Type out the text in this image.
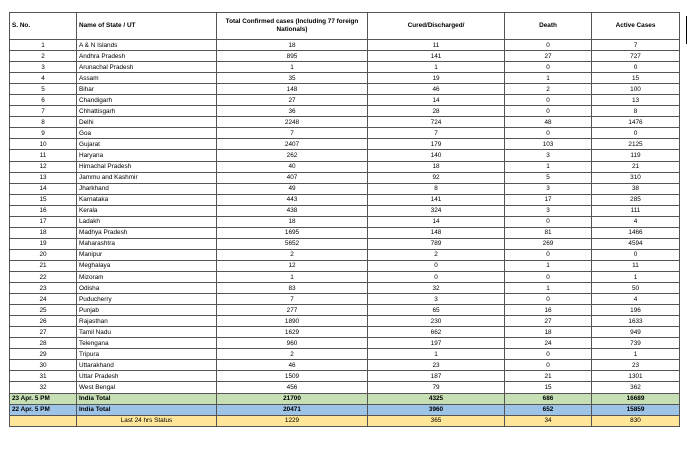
S. No.	Name of State / UT	Total Confirmed cases (Including 77 foreign Nationals)	Cured/Discharged/	Death	Active Cases
1	A & N Islands	18	11	0	7
2	Andhra Pradesh	895	141	27	727
3	Arunachal Pradesh	1	1	0	0
4	Assam	35	19	1	15
5	Bihar	148	46	2	100
6	Chandigarh	27	14	0	13
7	Chhattisgarh	36	28	0	8
8	Delhi	2248	724	48	1476
9	Goa	7	7	0	0
10	Gujarat	2407	179	103	2125
11	Haryana	262	140	3	119
12	Himachal Pradesh	40	18	1	21
13	Jammu and Kashmir	407	92	5	310
14	Jharkhand	49	8	3	38
15	Karnataka	443	141	17	285
16	Kerala	438	324	3	111
17	Ladakh	18	14	0	4
18	Madhya Pradesh	1695	148	81	1466
19	Maharashtra	5652	789	269	4594
20	Manipur	2	2	0	0
21	Meghalaya	12	0	1	11
22	Mizoram	1	0	0	1
23	Odisha	83	32	1	50
24	Puducherry	7	3	0	4
25	Punjab	277	65	16	196
26	Rajasthan	1890	230	27	1633
27	Tamil Nadu	1629	662	18	949
28	Telengana	960	197	24	739
29	Tripura	2	1	0	1
30	Uttarakhand	46	23	0	23
31	Uttar Pradesh	1509	187	21	1301
32	West Bengal	456	79	15	362
23 Apr. 5 PM	India Total	21700	4325	686	16689
22 Apr. 5 PM	India Total	20471	3960	652	15859
	Last 24 hrs Status	1229	365	34	830
